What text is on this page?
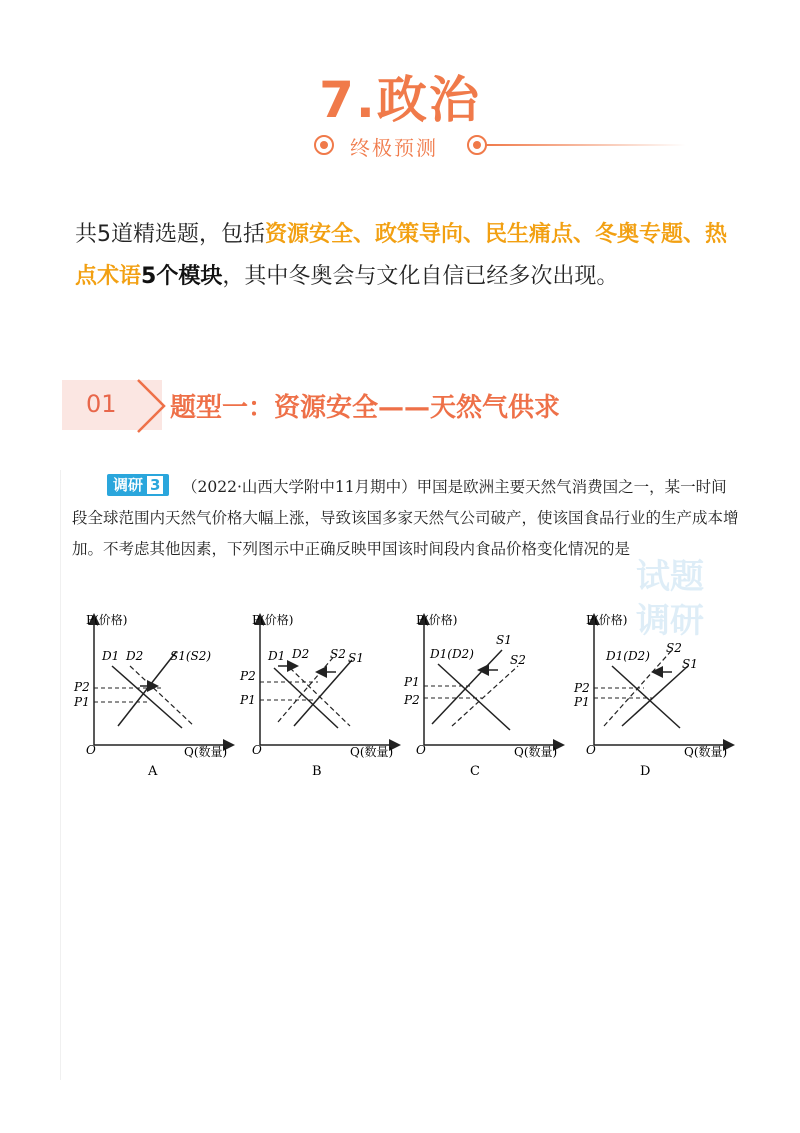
7.政治
终极预测
共5道精选题，包括资源安全、政策导向、民生痛点、冬奥专题、热点术语5个模块，其中冬奥会与文化自信已经多次出现。
01 题型一：资源安全——天然气供求
（2022·山西大学附中11月期中）甲国是欧洲主要天然气消费国之一，某一时间段全球范围内天然气价格大幅上涨，导致该国多家天然气公司破产，使该国食品行业的生产成本增加。不考虑其他因素，下列图示中正确反映甲国该时间段内食品价格变化情况的是
调研 3
试题
调研
P(价格)
Q(数量)
O
D1 D2 S1(S2)
P2
P1
A
P(价格)
Q(数量)
O
D1 D2 S2 S1
P2
P1
B
P(价格)
Q(数量)
O
D1(D2)
S1
S2
P1
P2
C
P(价格)
Q(数量)
O
D1(D2)
S2
S1
P2
P1
D
